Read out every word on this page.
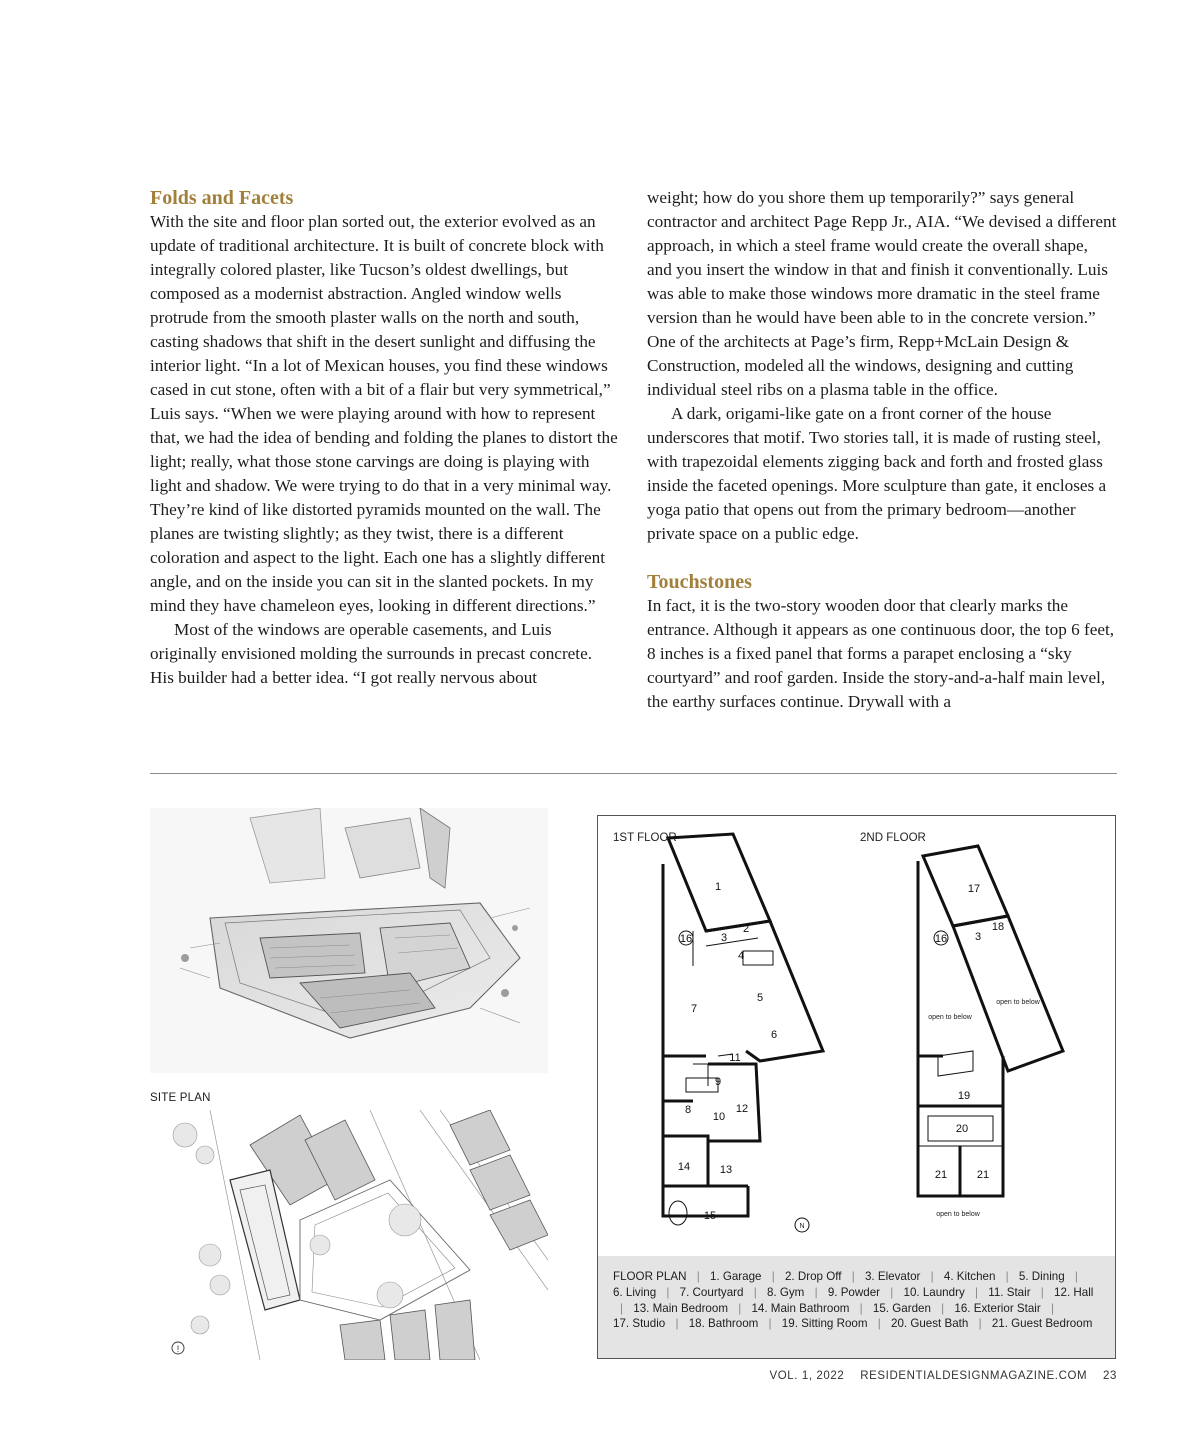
Folds and Facets

With the site and floor plan sorted out, the exterior evolved as an update of traditional architecture. It is built of concrete block with integrally colored plaster, like Tucson’s oldest dwellings, but composed as a modernist abstraction. Angled window wells protrude from the smooth plaster walls on the north and south, casting shadows that shift in the desert sunlight and diffusing the interior light. “In a lot of Mexican houses, you find these windows cased in cut stone, often with a bit of a flair but very symmetrical,” Luis says. “When we were playing around with how to represent that, we had the idea of bending and folding the planes to distort the light; really, what those stone carvings are doing is playing with light and shadow. We were trying to do that in a very minimal way. They’re kind of like distorted pyramids mounted on the wall. The planes are twisting slightly; as they twist, there is a different coloration and aspect to the light. Each one has a slightly different angle, and on the inside you can sit in the slanted pockets. In my mind they have chameleon eyes, looking in different directions.”

Most of the windows are operable casements, and Luis originally envisioned molding the surrounds in precast concrete. His builder had a better idea. “I got really nervous about

weight; how do you shore them up temporarily?” says general contractor and architect Page Repp Jr., AIA. “We devised a different approach, in which a steel frame would create the overall shape, and you insert the window in that and finish it conventionally. Luis was able to make those windows more dramatic in the steel frame version than he would have been able to in the concrete version.” One of the architects at Page’s firm, Repp+McLain Design & Construction, modeled all the windows, designing and cutting individual steel ribs on a plasma table in the office.

A dark, origami-like gate on a front corner of the house underscores that motif. Two stories tall, it is made of rusting steel, with trapezoidal elements zigging back and forth and frosted glass inside the faceted openings. More sculpture than gate, it encloses a yoga patio that opens out from the primary bedroom—another private space on a public edge.

Touchstones

In fact, it is the two-story wooden door that clearly marks the entrance. Although it appears as one continuous door, the top 6 feet, 8 inches is a fixed panel that forms a parapet enclosing a “sky courtyard” and roof garden. Inside the story-and-a-half main level, the earthy surfaces continue. Drywall with a

SITE PLAN
!
1ST FLOOR	2ND FLOOR
1
2
3
4
5
6
7
8
9
10
11
12
13
14
15
16	16	3
17
18
19
20
21	21
open to below
open to below
open to below
N
FLOOR PLAN | 1. Garage | 2. Drop Off | 3. Elevator | 4. Kitchen | 5. Dining | 6. Living | 7. Courtyard | 8. Gym | 9. Powder | 10. Laundry | 11. Stair | 12. Hall | 13. Main Bedroom | 14. Main Bathroom | 15. Garden | 16. Exterior Stair | 17. Studio | 18. Bathroom | 19. Sitting Room | 20. Guest Bath | 21. Guest Bedroom
VOL. 1, 2022 RESIDENTIALDESIGNMAGAZINE.COM 23
